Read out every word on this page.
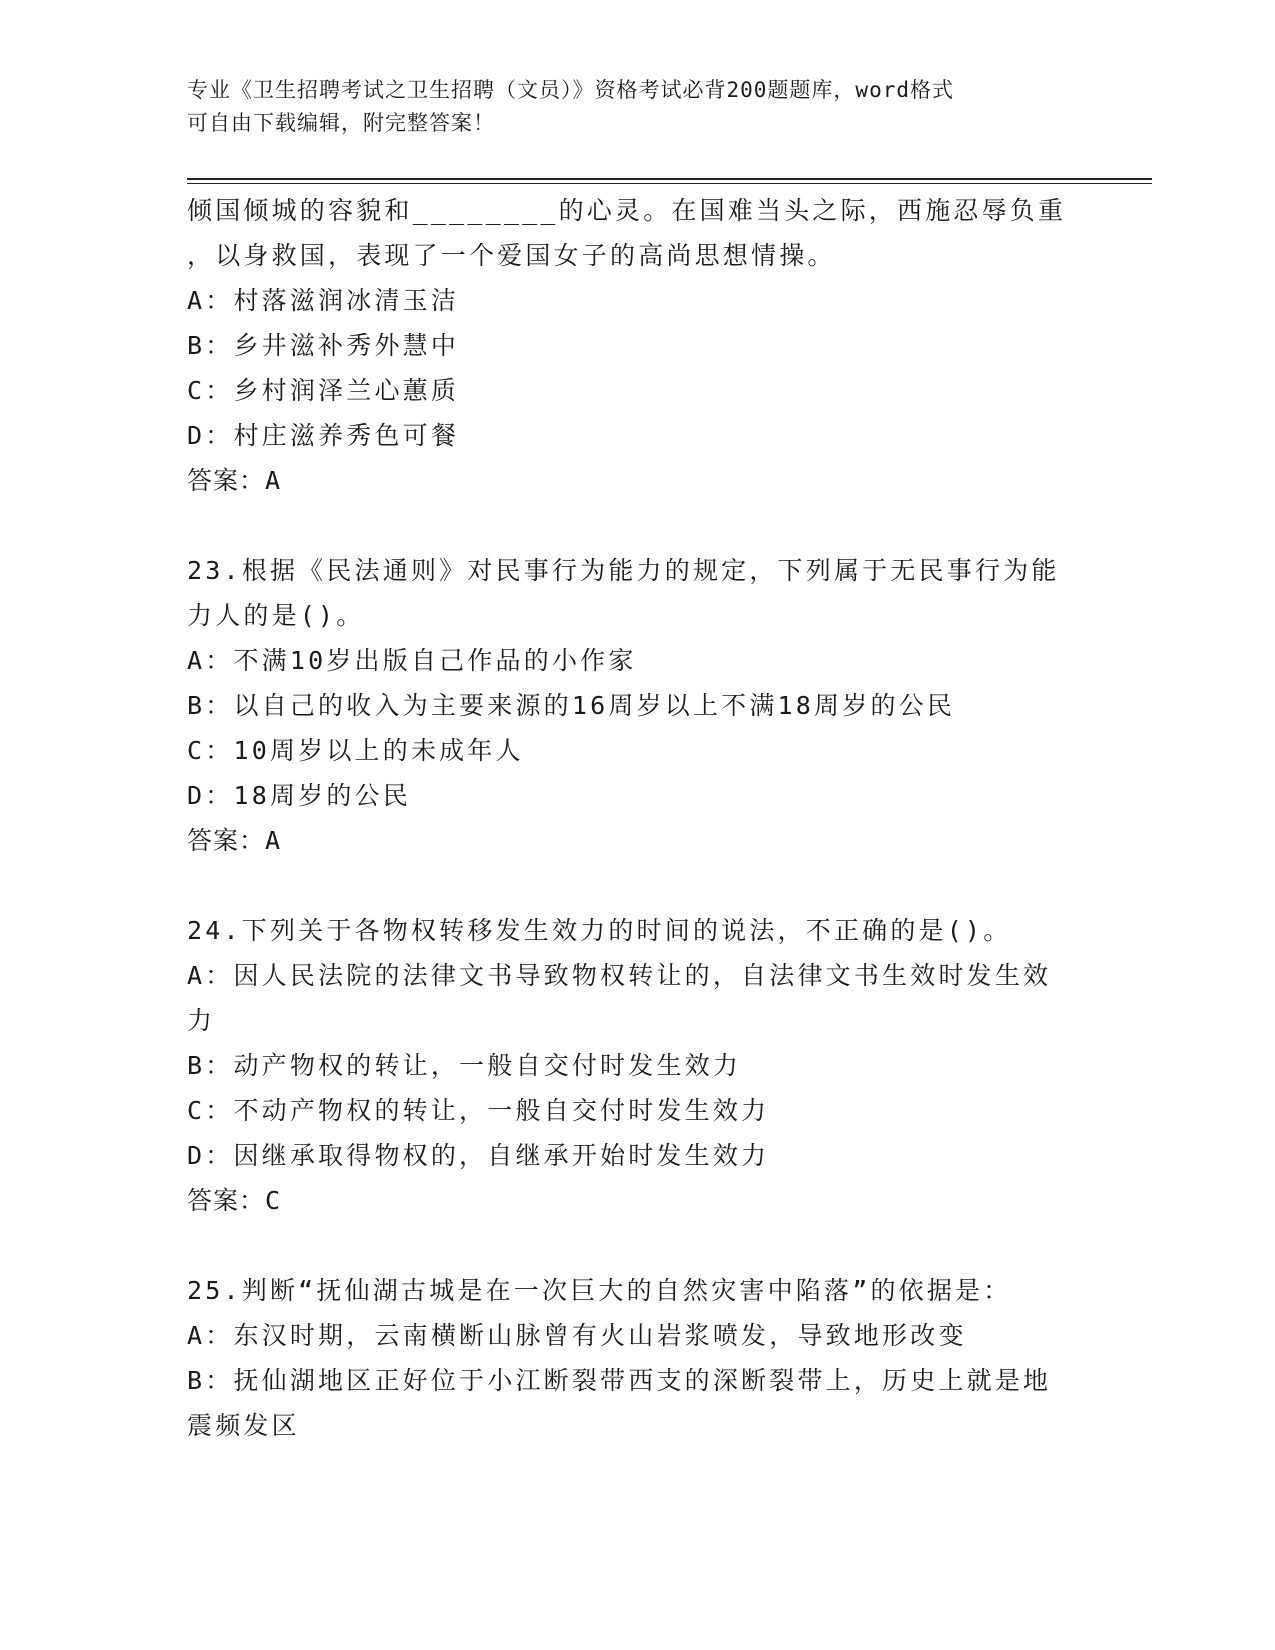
专业《卫生招聘考试之卫生招聘（文员）》资格考试必背200题题库，word格式
可自由下载编辑，附完整答案！
倾国倾城的容貌和________的心灵。在国难当头之际，西施忍辱负重
，以身救国，表现了一个爱国女子的高尚思想情操。
A：村落滋润冰清玉洁
B：乡井滋补秀外慧中
C：乡村润泽兰心蕙质
D：村庄滋养秀色可餐
答案：A
23.根据《民法通则》对民事行为能力的规定，下列属于无民事行为能
力人的是()。
A：不满10岁出版自己作品的小作家
B：以自己的收入为主要来源的16周岁以上不满18周岁的公民
C：10周岁以上的未成年人
D：18周岁的公民
答案：A
24.下列关于各物权转移发生效力的时间的说法，不正确的是()。
A：因人民法院的法律文书导致物权转让的，自法律文书生效时发生效
力
B：动产物权的转让，一般自交付时发生效力
C：不动产物权的转让，一般自交付时发生效力
D：因继承取得物权的，自继承开始时发生效力
答案：C
25.判断“抚仙湖古城是在一次巨大的自然灾害中陷落”的依据是：
A：东汉时期，云南横断山脉曾有火山岩浆喷发，导致地形改变
B：抚仙湖地区正好位于小江断裂带西支的深断裂带上，历史上就是地
震频发区
